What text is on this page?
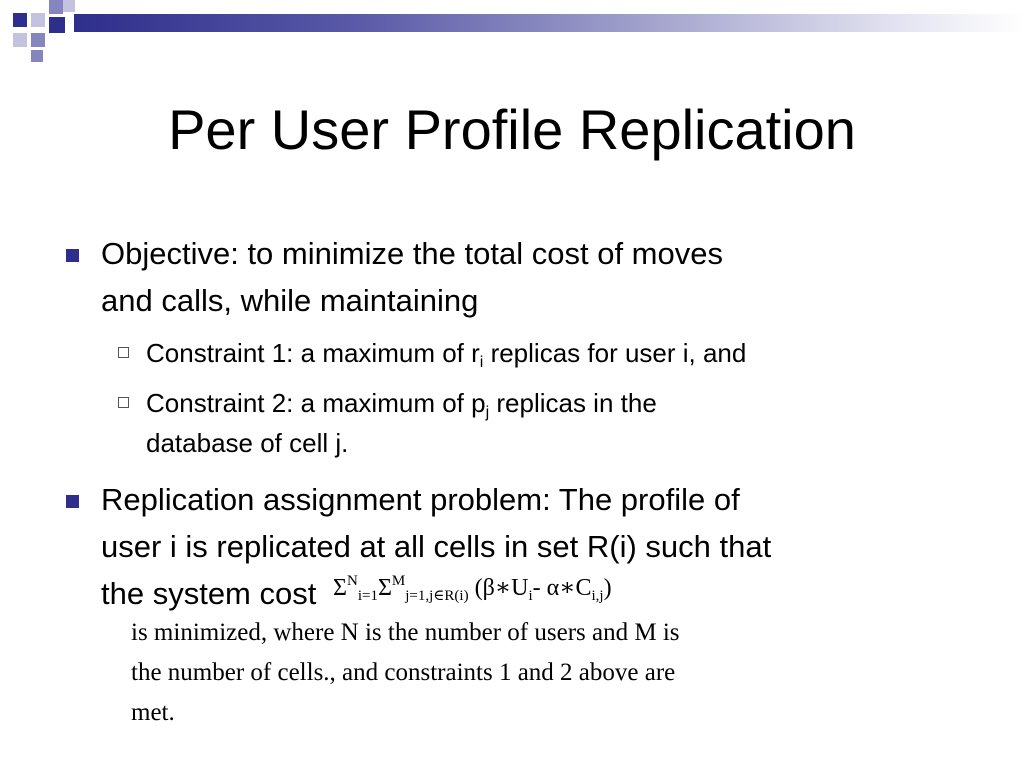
Per User Profile Replication
Objective: to minimize the total cost of moves
and calls, while maintaining
Constraint 1: a maximum of $r_i$ replicas for user i, and
Constraint 2: a maximum of $p_j$ replicas in the
database of cell j.
Replication assignment problem: The profile of
user i is replicated at all cells in set R(i) such that
the system cost $\Sigma^N_{i=1}\Sigma^M_{j=1,j\in R(i)}$ ($\beta∗U_i-$ $\alpha∗C_{i,j}$)
is minimized, where N is the number of users and M is
the number of cells., and constraints 1 and 2 above are
met.
